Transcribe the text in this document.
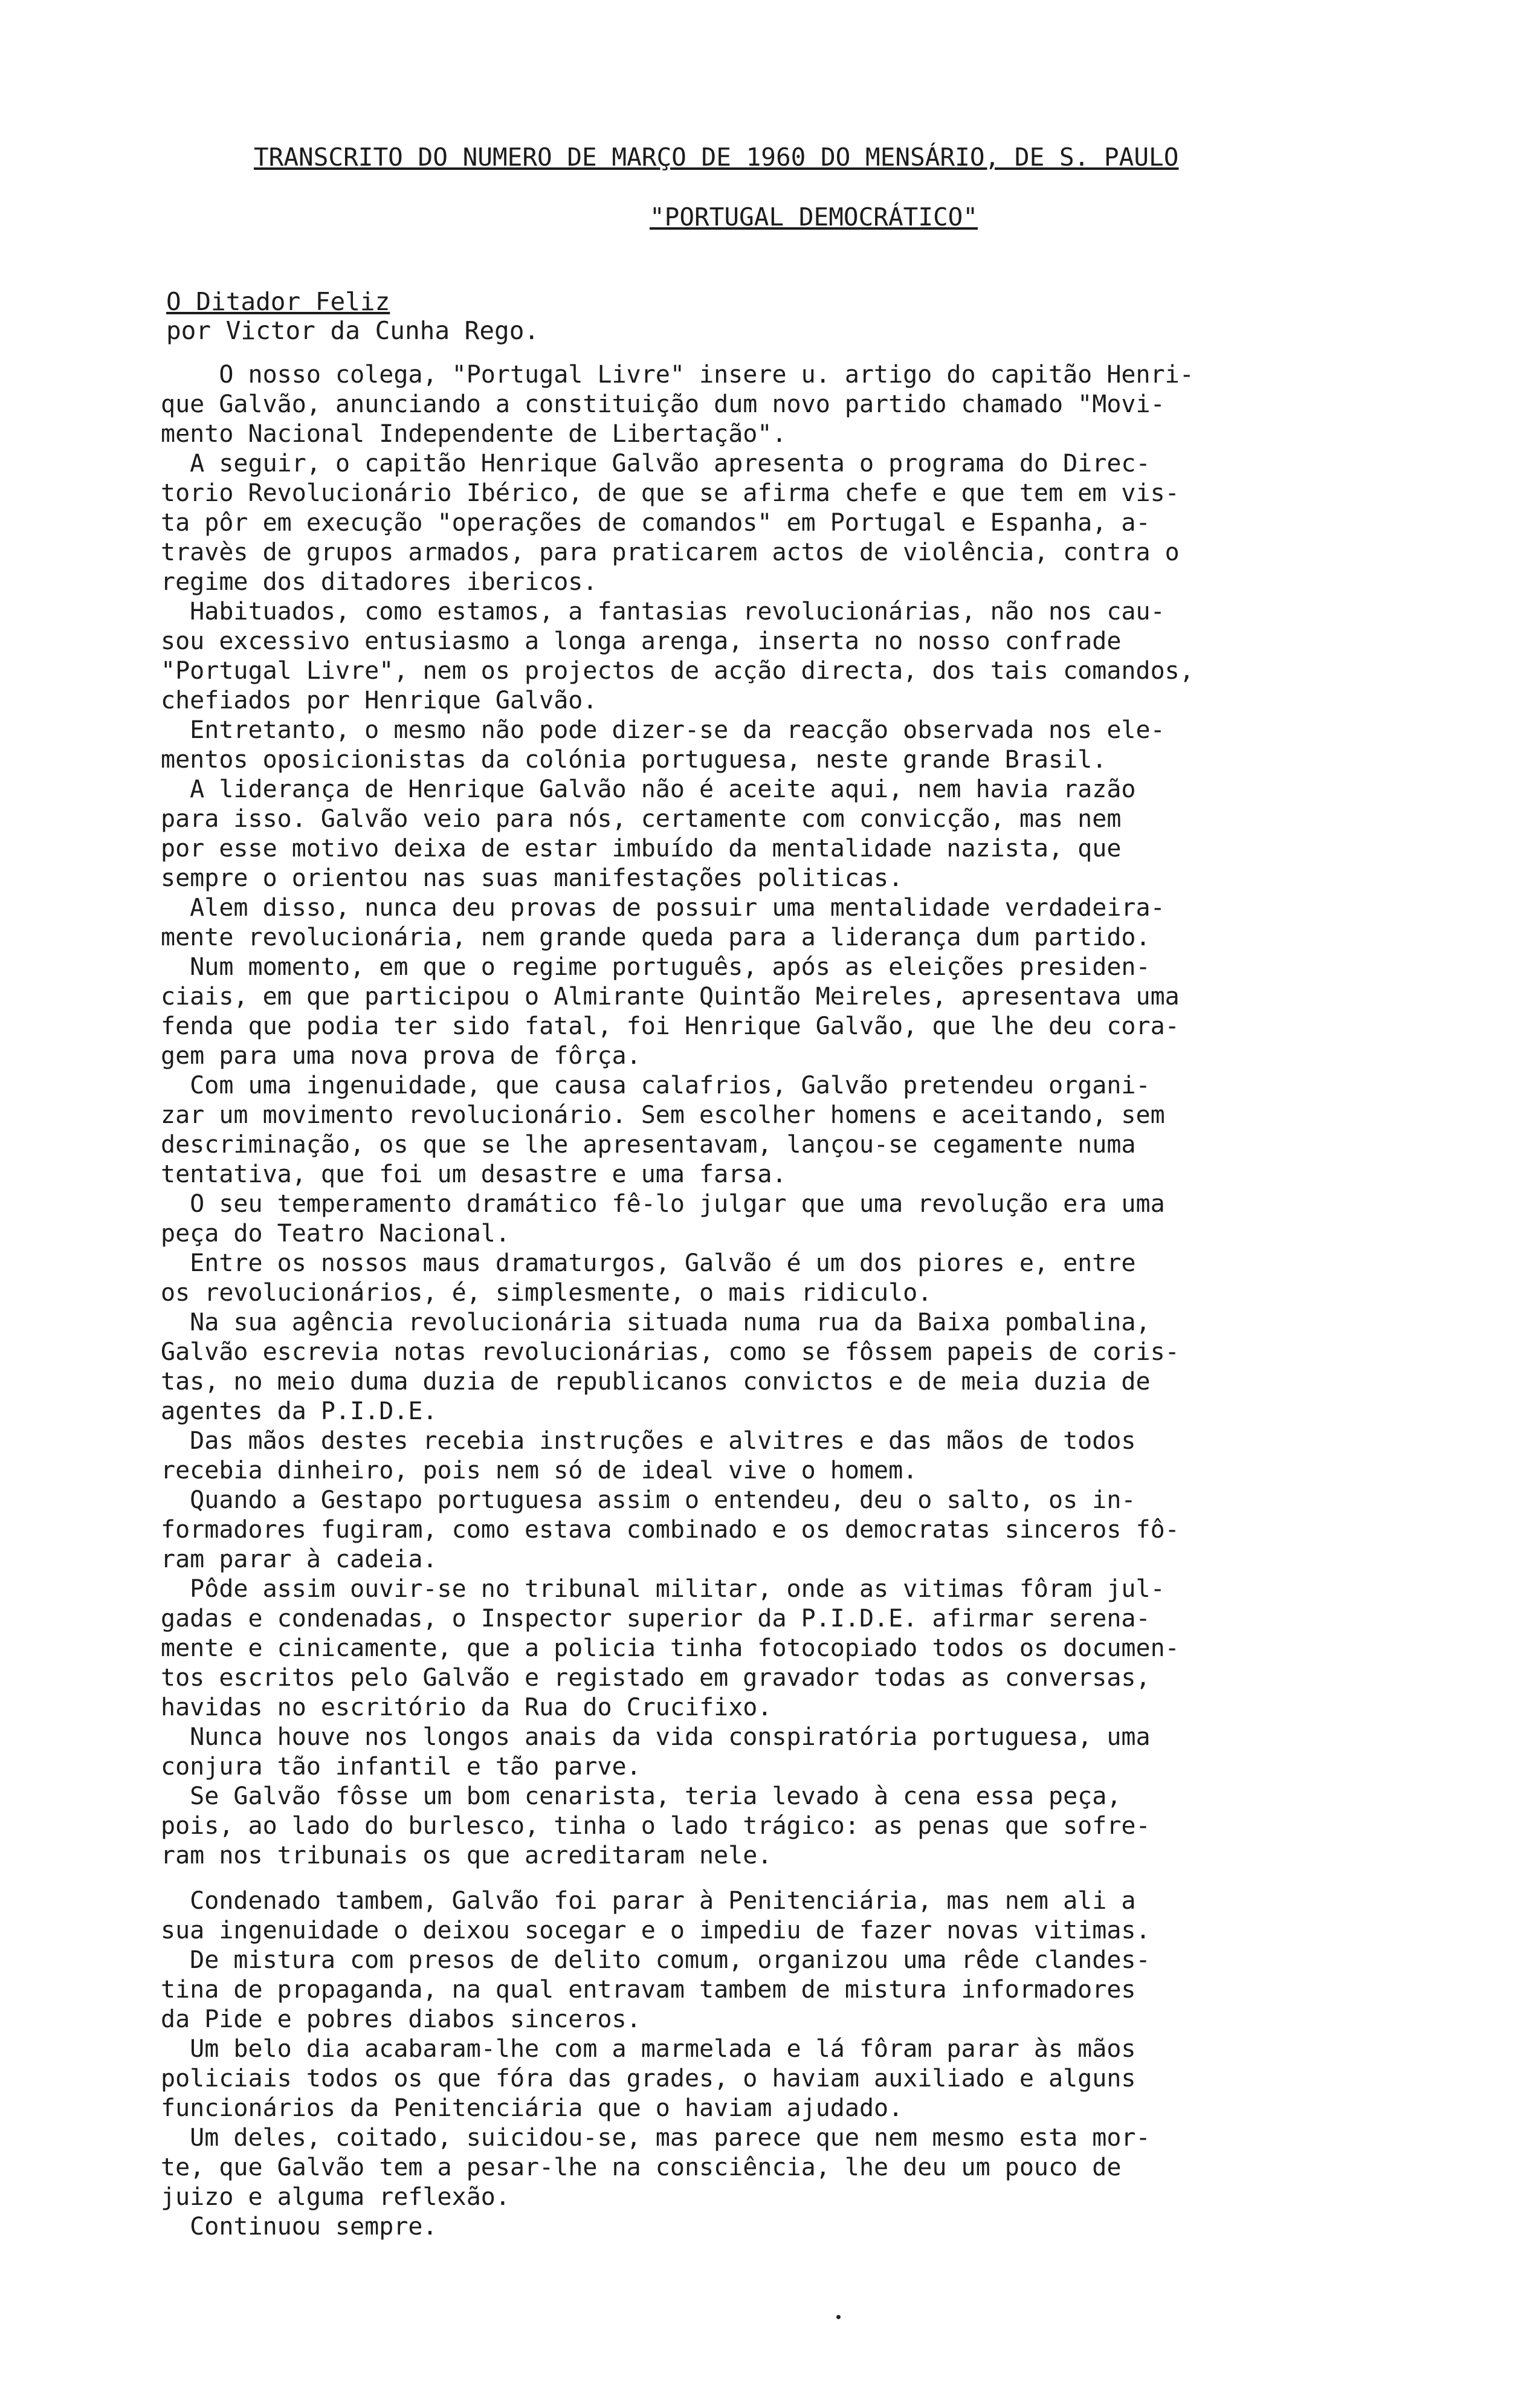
TRANSCRITO DO NUMERO DE MARÇO DE 1960 DO MENSÁRIO, DE S. PAULO
"PORTUGAL DEMOCRÁTICO"
O Ditador Feliz
por Victor da Cunha Rego.
O nosso colega, "Portugal Livre" insere u. artigo do capitão Henri-
que Galvão, anunciando a constituição dum novo partido chamado "Movi-
mento Nacional Independente de Libertação".
A seguir, o capitão Henrique Galvão apresenta o programa do Direc-
torio Revolucionário Ibérico, de que se afirma chefe e que tem em vis-
ta pôr em execução "operações de comandos" em Portugal e Espanha, a-
travès de grupos armados, para praticarem actos de violência, contra o
regime dos ditadores ibericos.
Habituados, como estamos, a fantasias revolucionárias, não nos cau-
sou excessivo entusiasmo a longa arenga, inserta no nosso confrade
"Portugal Livre", nem os projectos de acção directa, dos tais comandos,
chefiados por Henrique Galvão.
Entretanto, o mesmo não pode dizer-se da reacção observada nos ele-
mentos oposicionistas da colónia portuguesa, neste grande Brasil.
A liderança de Henrique Galvão não é aceite aqui, nem havia razão
para isso. Galvão veio para nós, certamente com convicção, mas nem
por esse motivo deixa de estar imbuído da mentalidade nazista, que
sempre o orientou nas suas manifestações politicas.
Alem disso, nunca deu provas de possuir uma mentalidade verdadeira-
mente revolucionária, nem grande queda para a liderança dum partido.
Num momento, em que o regime português, após as eleições presiden-
ciais, em que participou o Almirante Quintão Meireles, apresentava uma
fenda que podia ter sido fatal, foi Henrique Galvão, que lhe deu cora-
gem para uma nova prova de fôrça.
Com uma ingenuidade, que causa calafrios, Galvão pretendeu organi-
zar um movimento revolucionário. Sem escolher homens e aceitando, sem
descriminação, os que se lhe apresentavam, lançou-se cegamente numa
tentativa, que foi um desastre e uma farsa.
O seu temperamento dramático fê-lo julgar que uma revolução era uma
peça do Teatro Nacional.
Entre os nossos maus dramaturgos, Galvão é um dos piores e, entre
os revolucionários, é, simplesmente, o mais ridiculo.
Na sua agência revolucionária situada numa rua da Baixa pombalina,
Galvão escrevia notas revolucionárias, como se fôssem papeis de coris-
tas, no meio duma duzia de republicanos convictos e de meia duzia de
agentes da P.I.D.E.
Das mãos destes recebia instruções e alvitres e das mãos de todos
recebia dinheiro, pois nem só de ideal vive o homem.
Quando a Gestapo portuguesa assim o entendeu, deu o salto, os in-
formadores fugiram, como estava combinado e os democratas sinceros fô-
ram parar à cadeia.
Pôde assim ouvir-se no tribunal militar, onde as vitimas fôram jul-
gadas e condenadas, o Inspector superior da P.I.D.E. afirmar serena-
mente e cinicamente, que a policia tinha fotocopiado todos os documen-
tos escritos pelo Galvão e registado em gravador todas as conversas,
havidas no escritório da Rua do Crucifixo.
Nunca houve nos longos anais da vida conspiratória portuguesa, uma
conjura tão infantil e tão parve.
Se Galvão fôsse um bom cenarista, teria levado à cena essa peça,
pois, ao lado do burlesco, tinha o lado trágico: as penas que sofre-
ram nos tribunais os que acreditaram nele.
Condenado tambem, Galvão foi parar à Penitenciária, mas nem ali a
sua ingenuidade o deixou socegar e o impediu de fazer novas vitimas.
De mistura com presos de delito comum, organizou uma rêde clandes-
tina de propaganda, na qual entravam tambem de mistura informadores
da Pide e pobres diabos sinceros.
Um belo dia acabaram-lhe com a marmelada e lá fôram parar às mãos
policiais todos os que fóra das grades, o haviam auxiliado e alguns
funcionários da Penitenciária que o haviam ajudado.
Um deles, coitado, suicidou-se, mas parece que nem mesmo esta mor-
te, que Galvão tem a pesar-lhe na consciência, lhe deu um pouco de
juizo e alguma reflexão.
Continuou sempre.
